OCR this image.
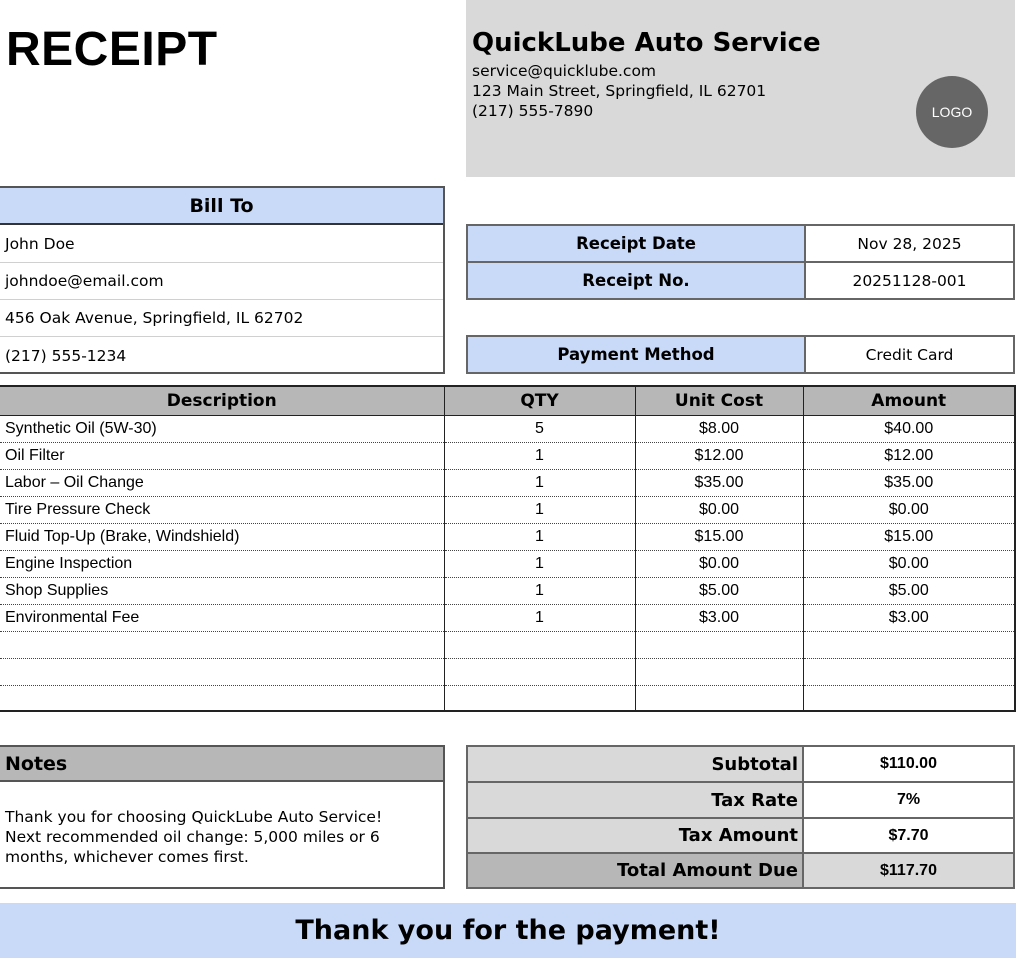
RECEIPT	QuickLube Auto Service
service@quicklube.com
123 Main Street, Springfield, IL 62701
(217) 555-7890	LOGO
Bill To
John Doe
johndoe@email.com
456 Oak Avenue, Springfield, IL 62702
(217) 555-1234
Receipt Date	Nov 28, 2025
Receipt No.	20251128-001
Payment Method	Credit Card
Description	QTY	Unit Cost	Amount
Synthetic Oil (5W-30)	5	$8.00	$40.00
Oil Filter	1	$12.00	$12.00
Labor – Oil Change	1	$35.00	$35.00
Tire Pressure Check	1	$0.00	$0.00
Fluid Top-Up (Brake, Windshield)	1	$15.00	$15.00
Engine Inspection	1	$0.00	$0.00
Shop Supplies	1	$5.00	$5.00
Environmental Fee	1	$3.00	$3.00

Notes
Thank you for choosing QuickLube Auto Service!
Next recommended oil change: 5,000 miles or 6
months, whichever comes first.
Subtotal	$110.00
Tax Rate	7%
Tax Amount	$7.70
Total Amount Due	$117.70
Thank you for the payment!
